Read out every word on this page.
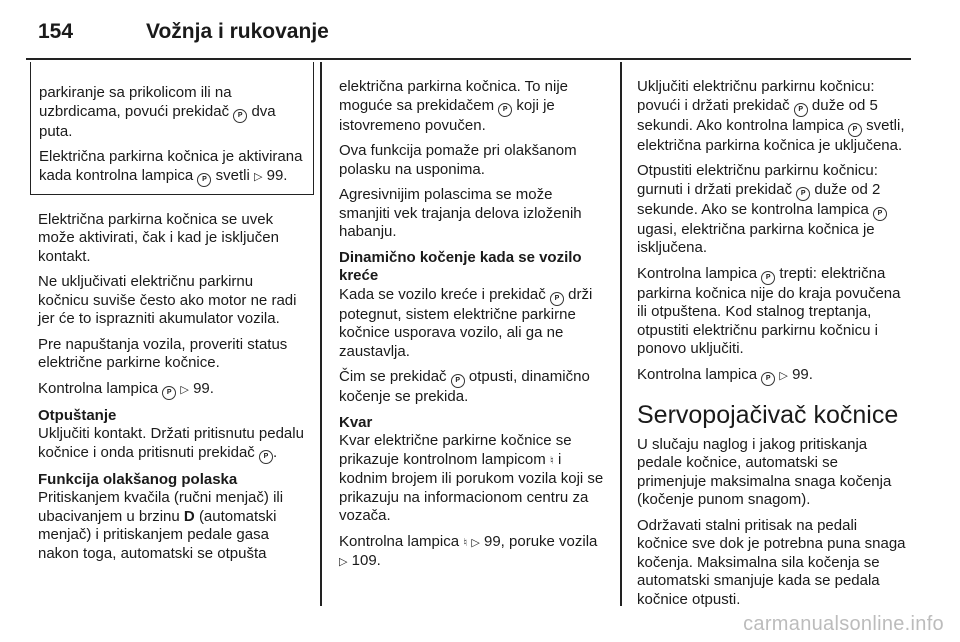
154	Vožnja i rukovanje

parkiranje sa prikolicom ili na uzbrdicama, povući prekidač P dva puta.

Električna parkirna kočnica je aktivirana kada kontrolna lampica P svetli ▷ 99.

Električna parkirna kočnica se uvek može aktivirati, čak i kad je isključen kontakt.

Ne uključivati električnu parkirnu kočnicu suviše često ako motor ne radi jer će to isprazniti akumulator vozila.

Pre napuštanja vozila, proveriti status električne parkirne kočnice.

Kontrolna lampica P ▷ 99.

Otpuštanje

Uključiti kontakt. Držati pritisnutu pedalu kočnice i onda pritisnuti prekidač P .

Funkcija olakšanog polaska

Pritiskanjem kvačila (ručni menjač) ili ubacivanjem u brzinu D (automatski menjač) i pritiskanjem pedale gasa nakon toga, automatski se otpušta

električna parkirna kočnica. To nije moguće sa prekidačem P koji je istovremeno povučen.

Ova funkcija pomaže pri olakšanom polasku na usponima.

Agresivnijim polascima se može smanjiti vek trajanja delova izloženih habanju.

Dinamično kočenje kada se vozilo kreće

Kada se vozilo kreće i prekidač P drži potegnut, sistem električne parkirne kočnice usporava vozilo, ali ga ne zaustavlja.

Čim se prekidač P otpusti, dinamično kočenje se prekida.

Kvar

Kvar električne parkirne kočnice se prikazuje kontrolnom lampicom ♮ i kodnim brojem ili porukom vozila koji se prikazuju na informacionom centru za vozača.

Kontrolna lampica ♮ ▷ 99, poruke vozila ▷ 109.

Uključiti električnu parkirnu kočnicu: povući i držati prekidač P duže od 5 sekundi. Ako kontrolna lampica P svetli, električna parkirna kočnica je uključena.

Otpustiti električnu parkirnu kočnicu: gurnuti i držati prekidač P duže od 2 sekunde. Ako se kontrolna lampica P ugasi, električna parkirna kočnica je isključena.

Kontrolna lampica P trepti: električna parkirna kočnica nije do kraja povučena ili otpuštena. Kod stalnog treptanja, otpustiti električnu parkirnu kočnicu i ponovo uključiti.

Kontrolna lampica P ▷ 99.

Servopojačivač kočnice

U slučaju naglog i jakog pritiskanja pedale kočnice, automatski se primenjuje maksimalna snaga kočenja (kočenje punom snagom).

Održavati stalni pritisak na pedali kočnice sve dok je potrebna puna snaga kočenja. Maksimalna sila kočenja se automatski smanjuje kada se pedala kočnice otpusti.

carmanualsonline.info
